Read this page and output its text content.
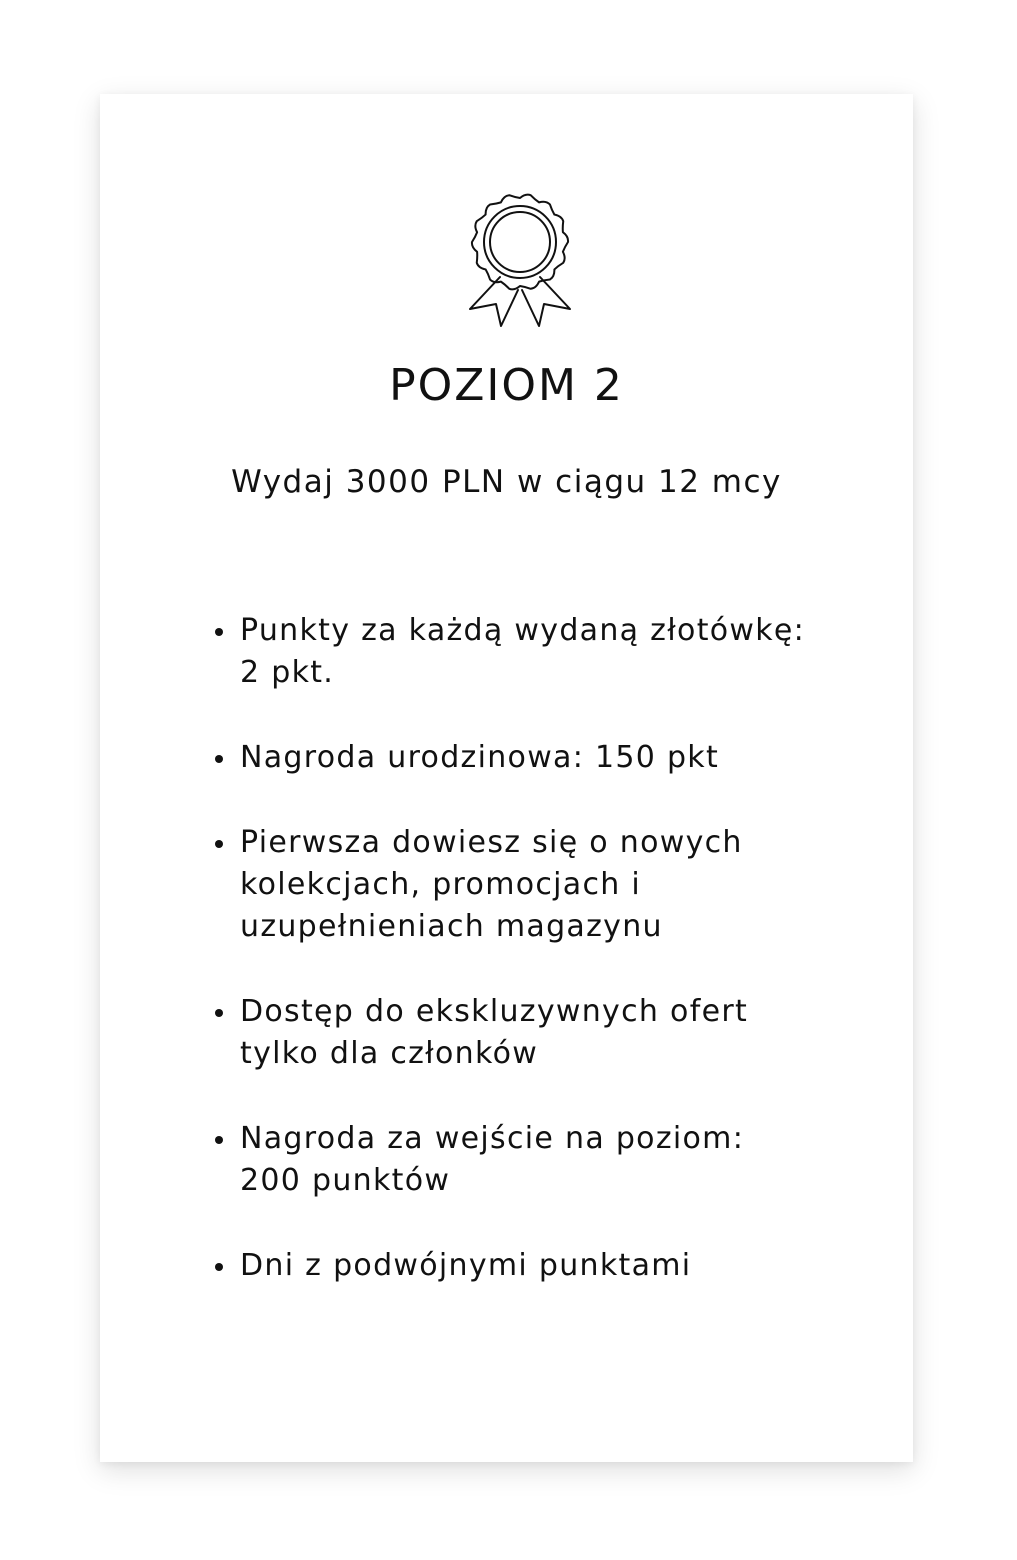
POZIOM 2
Wydaj 3000 PLN w ciągu 12 mcy
Punkty za każdą wydaną złotówkę: 2 pkt.
Nagroda urodzinowa: 150 pkt
Pierwsza dowiesz się o nowych kolekcjach, promocjach i uzupełnieniach magazynu
Dostęp do ekskluzywnych ofert tylko dla członków
Nagroda za wejście na poziom: 200 punktów
Dni z podwójnymi punktami
